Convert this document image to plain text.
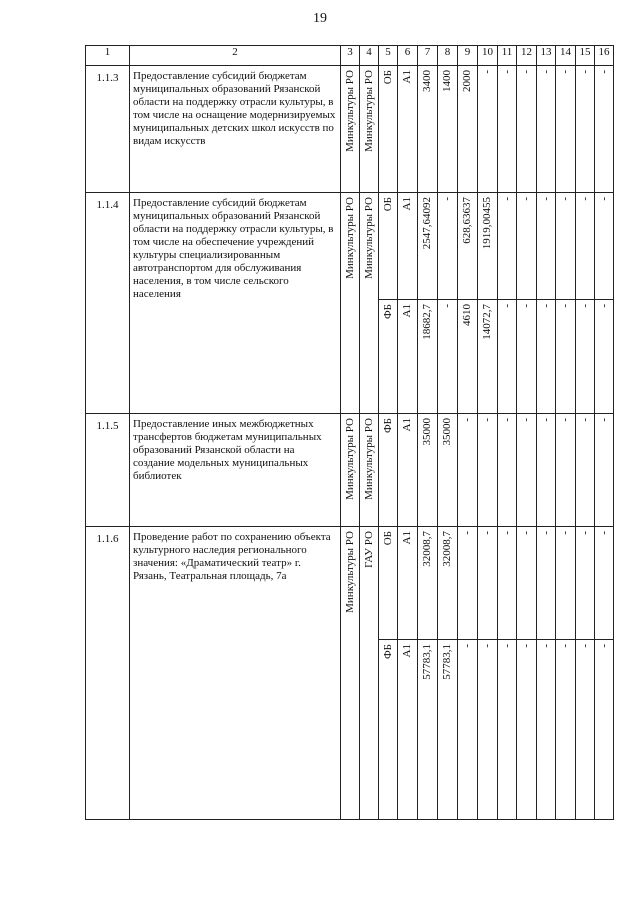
19
1	2	3	4	5	6	7	8	9	10	11	12	13	14	15	16
1.1.3	Предоставление субсидий бюджетам муниципальных образований Рязанской области на поддержку отрасли культуры, в том числе на оснащение модернизируемых муниципальных детских школ искусств по видам искусств	Минкультуры РО	Минкультуры РО	ОБ	А1	3400	1400	2000	-	-	-	-	-	-	-

1.1.4	Предоставление субсидий бюджетам муниципальных образований Рязанской области на поддержку отрасли культуры, в том числе на обеспечение учреждений культуры специализированным автотранспортом для обслуживания населения, в том числе сельского населения	Минкультуры РО	Минкультуры РО	ОБ	А1	2547,64092	-	628,63637	1919,00455	-	-	-	-	-	-

				ФБ	А1	18682,7	-	4610	14072,7	-	-	-	-	-	-

1.1.5	Предоставление иных межбюджетных трансфертов бюджетам муниципальных образований Рязанской области на создание модельных муниципальных библиотек	Минкультуры РО	Минкультуры РО	ФБ	А1	35000	35000	-	-	-	-	-	-	-	-

1.1.6	Проведение работ по сохранению объекта культурного наследия регионального значения: «Драматический театр» г. Рязань, Театральная площадь, 7а	Минкультуры РО	ГАУ РО	ОБ	А1	32008,7	32008,7	-	-	-	-	-	-	-	-

				ФБ	А1	57783,1	57783,1	-	-	-	-	-	-	-	-
